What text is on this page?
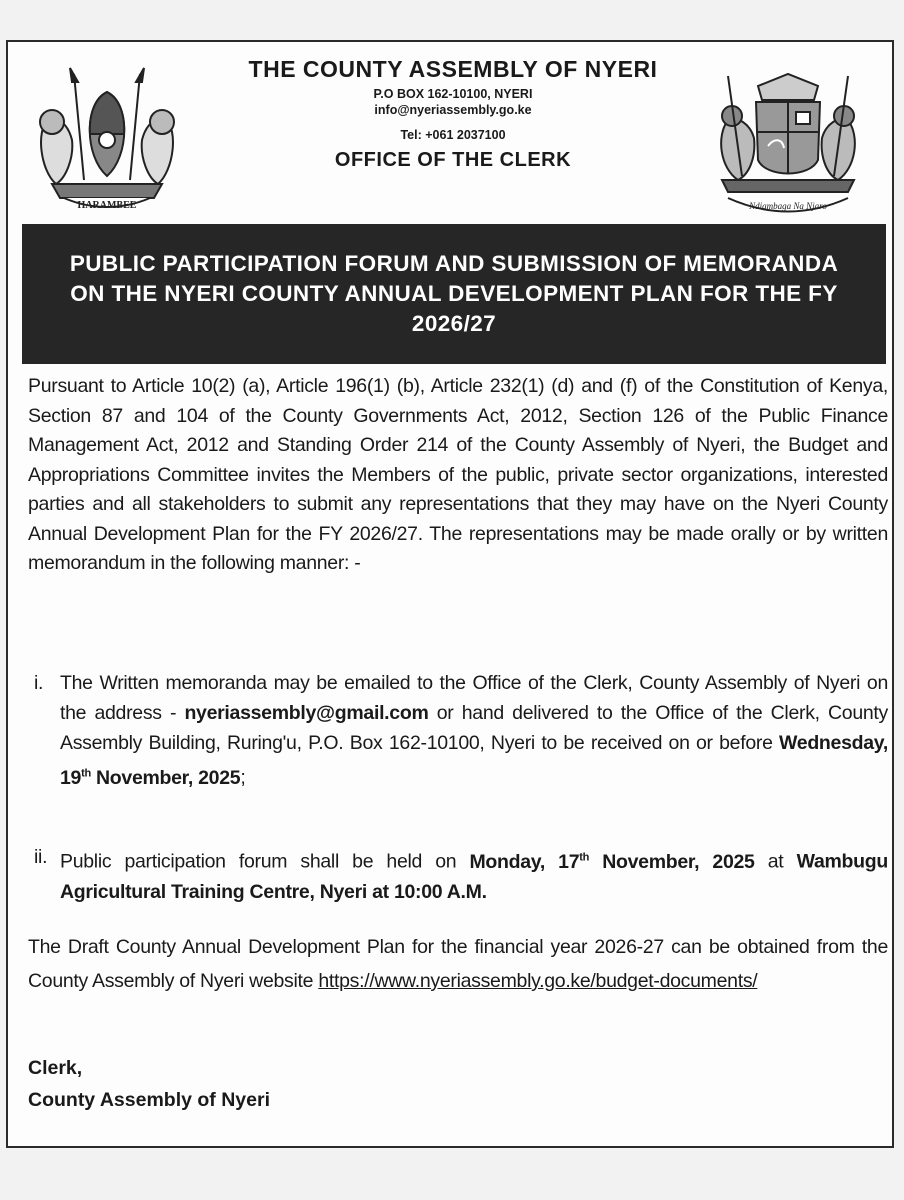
HARAMBEE
THE COUNTY ASSEMBLY OF NYERI
P.O BOX 162-10100, NYERI
info@nyeriassembly.go.ke
Tel: +061 2037100
OFFICE OF THE CLERK
Ndiambaga Na Njaro
PUBLIC PARTICIPATION FORUM AND SUBMISSION OF MEMORANDA ON THE NYERI COUNTY ANNUAL DEVELOPMENT PLAN FOR THE FY 2026/27
Pursuant to Article 10(2) (a), Article 196(1) (b), Article 232(1) (d) and (f) of the Constitution of Kenya, Section 87 and 104 of the County Governments Act, 2012, Section 126 of the Public Finance Management Act, 2012 and Standing Order 214 of the County Assembly of Nyeri, the Budget and Appropriations Committee invites the Members of the public, private sector organizations, interested parties and all stakeholders to submit any representations that they may have on the Nyeri County Annual Development Plan for the FY 2026/27. The representations may be made orally or by written memorandum in the following manner: -
i. The Written memoranda may be emailed to the Office of the Clerk, County Assembly of Nyeri on the address - nyeriassembly@gmail.com or hand delivered to the Office of the Clerk, County Assembly Building, Ruring'u, P.O. Box 162-10100, Nyeri to be received on or before Wednesday, 19th November, 2025;
ii. Public participation forum shall be held on Monday, 17th November, 2025 at Wambugu Agricultural Training Centre, Nyeri at 10:00 A.M.
The Draft County Annual Development Plan for the financial year 2026-27 can be obtained from the County Assembly of Nyeri website https://www.nyeriassembly.go.ke/budget-documents/
Clerk,
County Assembly of Nyeri
